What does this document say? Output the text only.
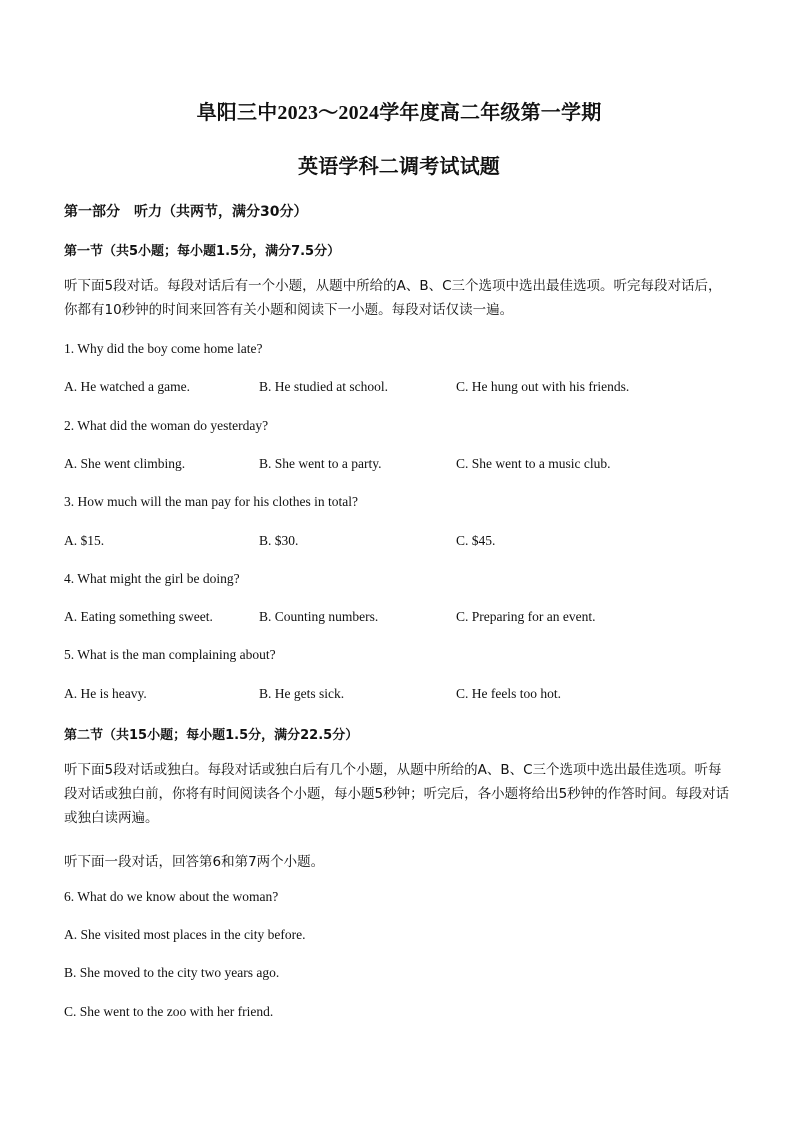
阜阳三中2023～2024学年度高二年级第一学期
英语学科二调考试试题
第一部分　听力（共两节，满分30分）
第一节（共5小题；每小题1.5分，满分7.5分）
听下面5段对话。每段对话后有一个小题，从题中所给的A、B、C三个选项中选出最佳选项。听完每段对话后，你都有10秒钟的时间来回答有关小题和阅读下一小题。每段对话仅读一遍。
1. Why did the boy come home late?
A. He watched a game.	B. He studied at school.	C. He hung out with his friends.
2. What did the woman do yesterday?
A. She went climbing.	B. She went to a party.	C. She went to a music club.
3. How much will the man pay for his clothes in total?
A. $15.	B. $30.	C. $45.
4. What might the girl be doing?
A. Eating something sweet.	B. Counting numbers.	C. Preparing for an event.
5. What is the man complaining about?
A. He is heavy.	B. He gets sick.	C. He feels too hot.
第二节（共15小题；每小题1.5分，满分22.5分）
听下面5段对话或独白。每段对话或独白后有几个小题，从题中所给的A、B、C三个选项中选出最佳选项。听每段对话或独白前，你将有时间阅读各个小题，每小题5秒钟；听完后，各小题将给出5秒钟的作答时间。每段对话或独白读两遍。
听下面一段对话，回答第6和第7两个小题。
6. What do we know about the woman?
A. She visited most places in the city before.
B. She moved to the city two years ago.
C. She went to the zoo with her friend.
